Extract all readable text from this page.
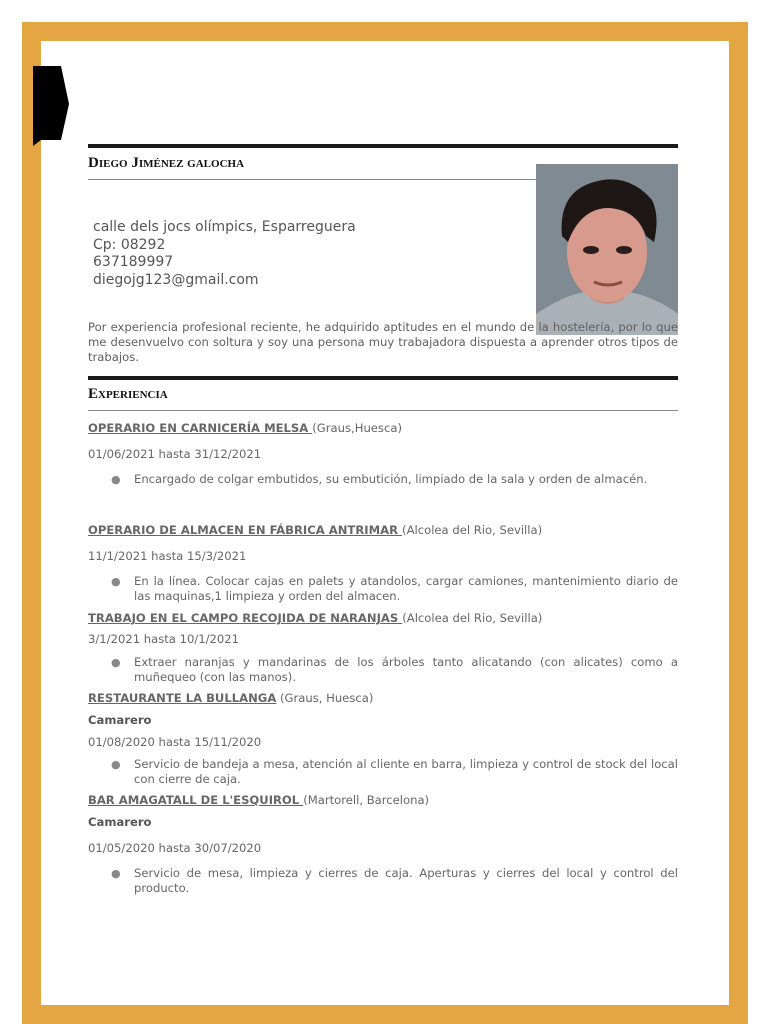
Diego Jiménez galocha
calle dels jocs olímpics, Esparreguera
Cp: 08292
637189997
diegojg123@gmail.com
Por experiencia profesional reciente, he adquirido aptitudes en el mundo de la hostelería, por lo que me desenvuelvo con soltura y soy una persona muy trabajadora dispuesta a aprender otros tipos de trabajos.
Experiencia
OPERARIO EN CARNICERÍA MELSA (Graus,Huesca)
01/06/2021 hasta 31/12/2021
● Encargado de colgar embutidos, su embutición, limpiado de la sala y orden de almacén.
OPERARIO DE ALMACEN EN FÁBRICA ANTRIMAR (Alcolea del Rio, Sevilla)
11/1/2021 hasta 15/3/2021
● En la línea. Colocar cajas en palets y atandolos, cargar camiones, mantenimiento diario de las maquinas,1 limpieza y orden del almacen.
TRABAJO EN EL CAMPO RECOJIDA DE NARANJAS (Alcolea del Rio, Sevilla)
3/1/2021 hasta 10/1/2021
● Extraer naranjas y mandarinas de los árboles tanto alicatando (con alicates) como a muñequeo (con las manos).
RESTAURANTE LA BULLANGA (Graus, Huesca)
Camarero
01/08/2020 hasta 15/11/2020
● Servicio de bandeja a mesa, atención al cliente en barra, limpieza y control de stock del local con cierre de caja.
BAR AMAGATALL DE L'ESQUIROL (Martorell, Barcelona)
Camarero
01/05/2020 hasta 30/07/2020
● Servicio de mesa, limpieza y cierres de caja. Aperturas y cierres del local y control del producto.
